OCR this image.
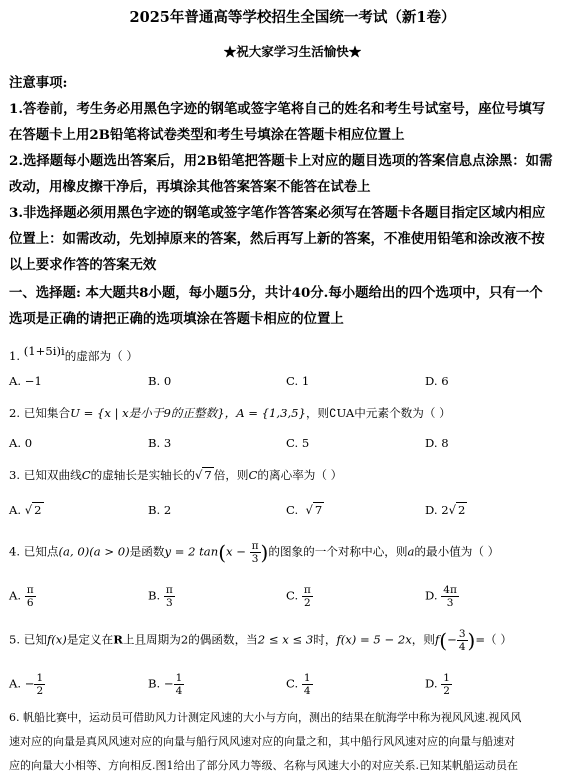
2025年普通高等学校招生全国统一考试（新1卷）
★祝大家学习生活愉快★
注意事项:
1.答卷前，考生务必用黑色字迹的钢笔或签字笔将自己的姓名和考生号试室号，座位号填写
在答题卡上用2B铅笔将试卷类型和考生号填涂在答题卡相应位置上
2.选择题每小题选出答案后，用2B铅笔把答题卡上对应的题目选项的答案信息点涂黑：如需
改动，用橡皮擦干净后，再填涂其他答案答案不能答在试卷上
3.非选择题必须用黑色字迹的钢笔或签字笔作答答案必须写在答题卡各题目指定区域内相应
位置上：如需改动，先划掉原来的答案，然后再写上新的答案，不准使用铅笔和涂改液不按
以上要求作答的答案无效
一、选择题: 本大题共8小题，每小题5分，共计40分.每小题给出的四个选项中，只有一个
选项是正确的请把正确的选项填涂在答题卡相应的位置上
1. (1+5i)i的虚部为（ ）
A. −1	B. 0	C. 1	D. 6
2. 已知集合U = {x | x是小于9的正整数}，A = {1,3,5}，则∁UA中元素个数为（ ）
A. 0	B. 3	C. 5	D. 8
3. 已知双曲线C的虚轴长是实轴长的√ 7 倍，则C的离心率为（ ）
A. √ 2	B. 2	C.  √ 7	D. 2√ 2
4. 已知点(a, 0)(a > 0)是函数y = 2 $\tan(x - \frac{\pi}{3}$ )的图象的一个对称中心，则a的最小值为（ ）
A. $\frac{\pi}{6}$	B. $\frac{\pi}{3}$	C. $\frac{\pi}{2}$	D. $\frac{4\pi}{3}$
5. 已知f(x)是定义在R上且周期为2的偶函数，当2 ≤ x ≤ 3时，f(x) = 5 − 2x，则$f(- \frac{3}{4}$ )=（ ）
A. − $\frac{1}{2}$	B. − $\frac{1}{4}$	C. $\frac{1}{4}$	D. $\frac{1}{2}$
6. 帆船比赛中，运动员可借助风力计测定风速的大小与方向，测出的结果在航海学中称为视风风速.视风风
速对应的向量是真风风速对应的向量与船行风风速对应的向量之和，其中船行风风速对应的向量与船速对
应的向量大小相等、方向相反.图1给出了部分风力等级、名称与风速大小的对应关系.已知某帆船运动员在
